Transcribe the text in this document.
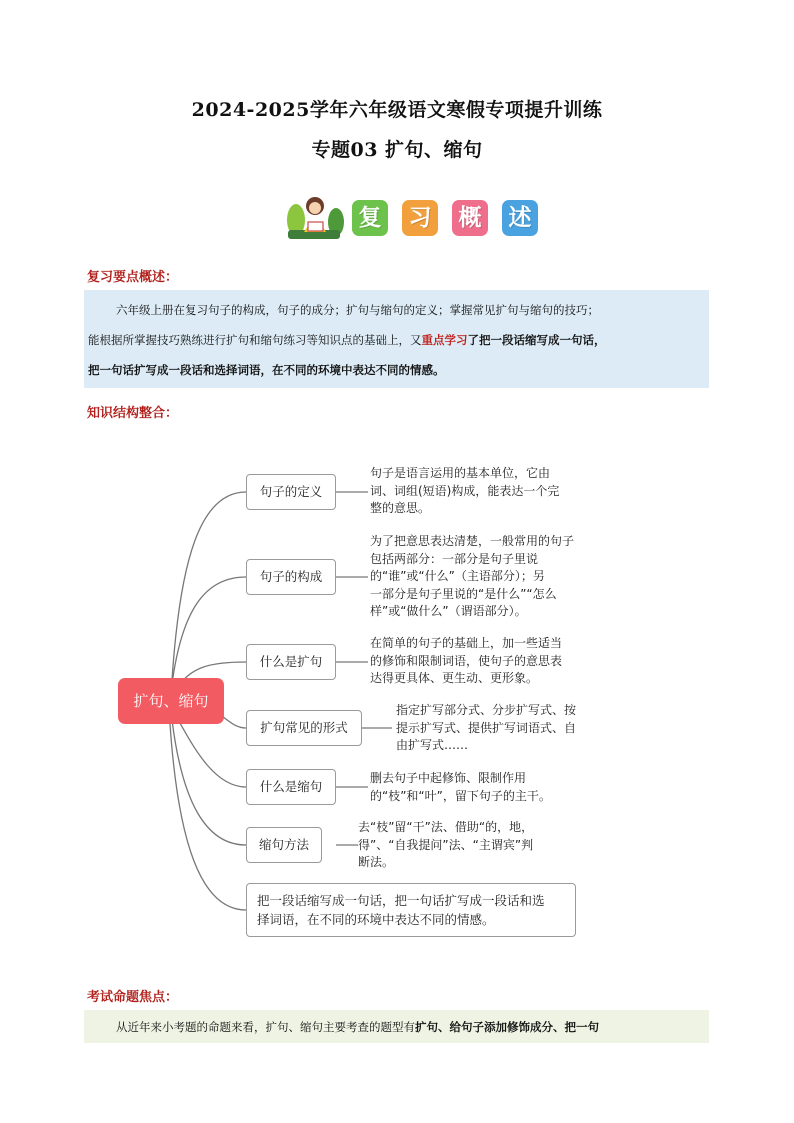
2024-2025学年六年级语文寒假专项提升训练
专题03 扩句、缩句
复 习 概 述
复习要点概述：
六年级上册在复习句子的构成，句子的成分；扩句与缩句的定义；掌握常见扩句与缩句的技巧；
能根据所掌握技巧熟练进行扩句和缩句练习等知识点的基础上，又重点学习了把一段话缩写成一句话，
把一句话扩写成一段话和选择词语，在不同的环境中表达不同的情感。
知识结构整合：
扩句、缩句
句子的定义
句子的构成
什么是扩句
扩句常见的形式
什么是缩句
缩句方法
把一段话缩写成一句话，把一句话扩写成一段话和选
择词语，在不同的环境中表达不同的情感。
句子是语言运用的基本单位，它由
词、词组(短语)构成，能表达一个完
整的意思。
为了把意思表达清楚，一般常用的句子
包括两部分：一部分是句子里说
的“谁”或“什么”（主语部分）；另
一部分是句子里说的“是什么”“怎么
样”或“做什么”（谓语部分）。
在简单的句子的基础上，加一些适当
的修饰和限制词语，使句子的意思表
达得更具体、更生动、更形象。
指定扩写部分式、分步扩写式、按
提示扩写式、提供扩写词语式、自
由扩写式……
删去句子中起修饰、限制作用
的“枝”和“叶”，留下句子的主干。
去“枝”留“干”法、借助“的，地，
得”、“自我提问”法、“主谓宾”判
断法。
考试命题焦点：
从近年来小考题的命题来看，扩句、缩句主要考查的题型有扩句、给句子添加修饰成分、把一句
